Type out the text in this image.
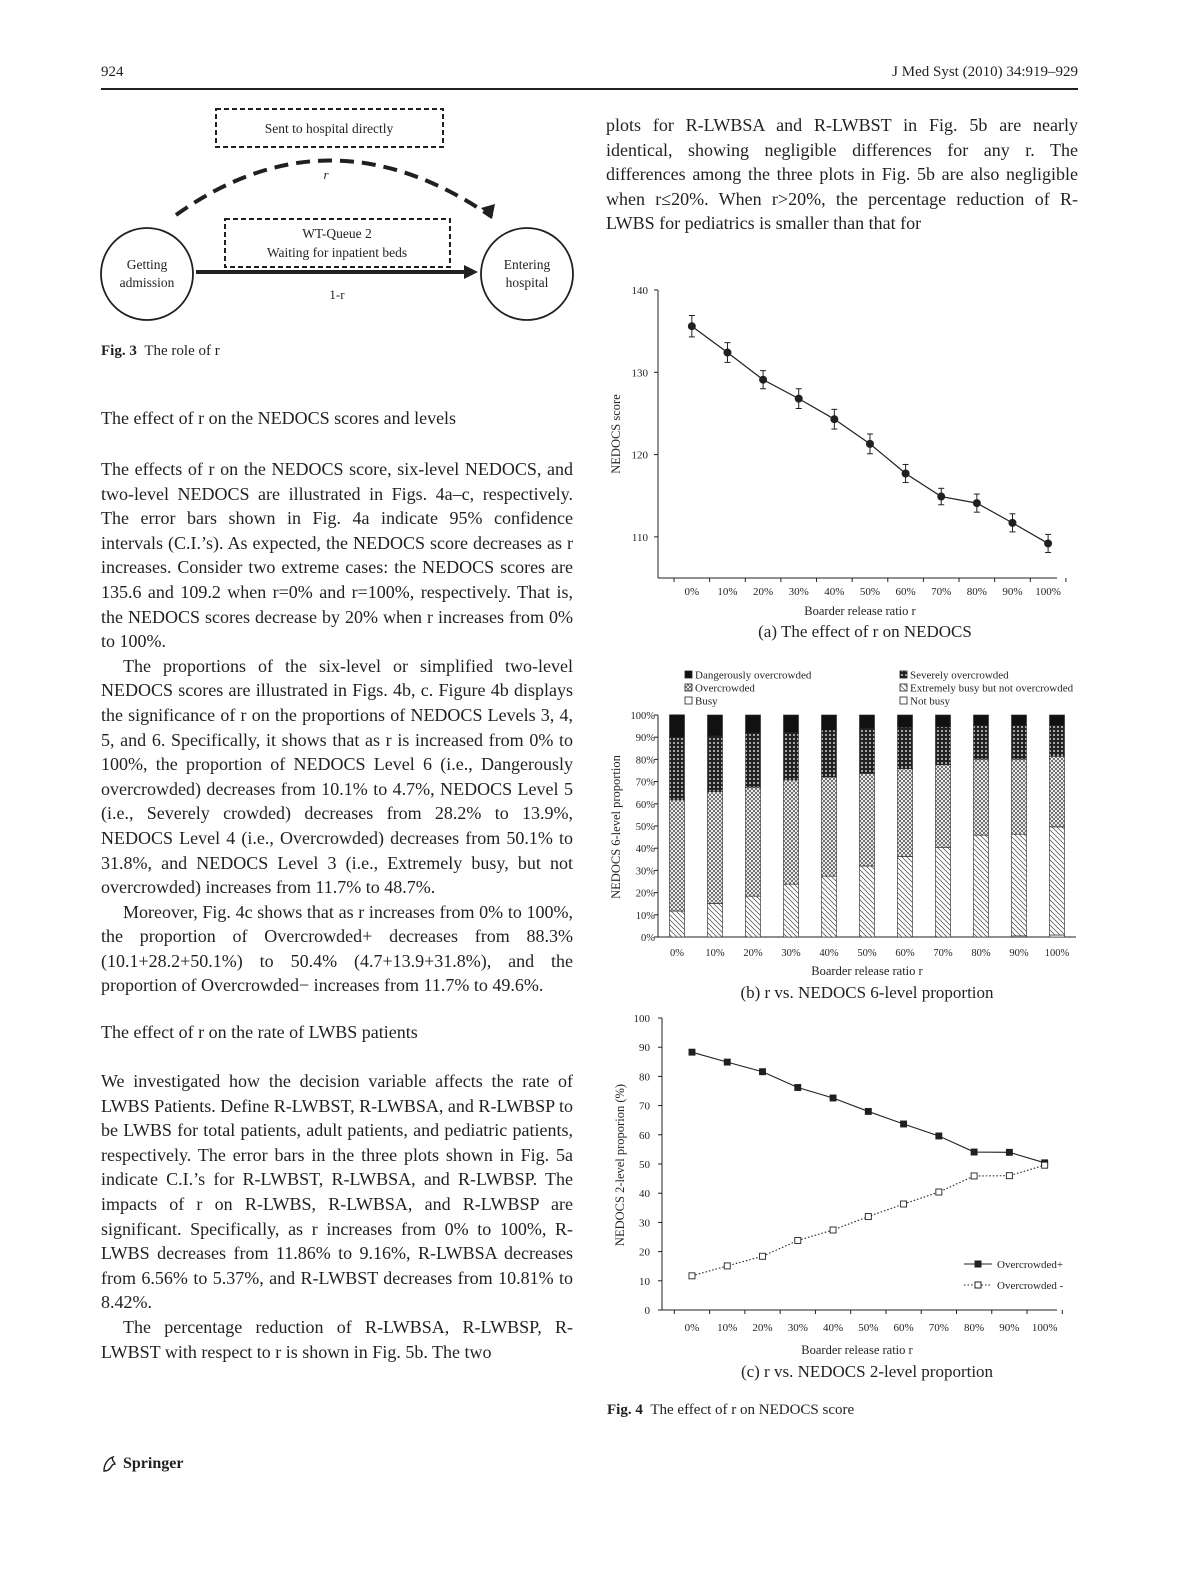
924	J Med Syst (2010) 34:919–929
Sent to hospital directly
r
WT-Queue 2
Waiting for inpatient beds
Getting
admission
Entering
hospital
1-r
Fig. 3 The role of r
The effect of r on the NEDOCS scores and levels

The effects of r on the NEDOCS score, six-level NEDOCS, and two-level NEDOCS are illustrated in Figs. 4a–c, respectively. The error bars shown in Fig. 4a indicate 95% confidence intervals (C.I.’s). As expected, the NEDOCS score decreases as r increases. Consider two extreme cases: the NEDOCS scores are 135.6 and 109.2 when r=0% and r=100%, respectively. That is, the NEDOCS scores decrease by 20% when r increases from 0% to 100%.

The proportions of the six-level or simplified two-level NEDOCS scores are illustrated in Figs. 4b, c. Figure 4b displays the significance of r on the proportions of NEDOCS Levels 3, 4, 5, and 6. Specifically, it shows that as r is increased from 0% to 100%, the proportion of NEDOCS Level 6 (i.e., Dangerously overcrowded) decreases from 10.1% to 4.7%, NEDOCS Level 5 (i.e., Severely crowded) decreases from 28.2% to 13.9%, NEDOCS Level 4 (i.e., Overcrowded) decreases from 50.1% to 31.8%, and NEDOCS Level 3 (i.e., Extremely busy, but not overcrowded) increases from 11.7% to 48.7%.

Moreover, Fig. 4c shows that as r increases from 0% to 100%, the proportion of Overcrowded+ decreases from 88.3% (10.1+28.2+50.1%) to 50.4% (4.7+13.9+31.8%), and the proportion of Overcrowded− increases from 11.7% to 49.6%.

The effect of r on the rate of LWBS patients

We investigated how the decision variable affects the rate of LWBS Patients. Define R-LWBST, R-LWBSA, and R-LWBSP to be LWBS for total patients, adult patients, and pediatric patients, respectively. The error bars in the three plots shown in Fig. 5a indicate C.I.’s for R-LWBST, R-LWBSA, and R-LWBSP. The impacts of r on R-LWBS, R-LWBSA, and R-LWBSP are significant. Specifically, as r increases from 0% to 100%, R-LWBS decreases from 11.86% to 9.16%, R-LWBSA decreases from 6.56% to 5.37%, and R-LWBST decreases from 10.81% to 8.42%.

The percentage reduction of R-LWBSA, R-LWBSP, R-LWBST with respect to r is shown in Fig. 5b. The two

plots for R-LWBSA and R-LWBST in Fig. 5b are nearly identical, showing negligible differences for any r. The differences among the three plots in Fig. 5b are also negligible when r≤20%. When r>20%, the percentage reduction of R-LWBS for pediatrics is smaller than that for

110
120
130
140
0% 10% 20% 30% 40% 50% 60% 70% 80% 90% 100%
Boarder release ratio r
NEDOCS score
(a) The effect of r on NEDOCS
Dangerously overcrowded	Severely overcrowded
Overcrowded	Extremely busy but not overcrowded
Busy	Not busy
0%
10%
20%
30%
40%
50%
60%
70%
80%
90%
100%
0% 10% 20% 30% 40% 50% 60% 70% 80% 90% 100%
Boarder release ratio r
NEDOCS 6-level proportion
(b) r vs. NEDOCS 6-level proportion
0
10
20
30
40
50
60
70
80
90
100
0% 10% 20% 30% 40% 50% 60% 70% 80% 90% 100%
Overcrowded+
Overcrowded -
Boarder release ratio r
NEDOCS 2-level proporion (%)
(c) r vs. NEDOCS 2-level proportion
Fig. 4 The effect of r on NEDOCS score
Springer
